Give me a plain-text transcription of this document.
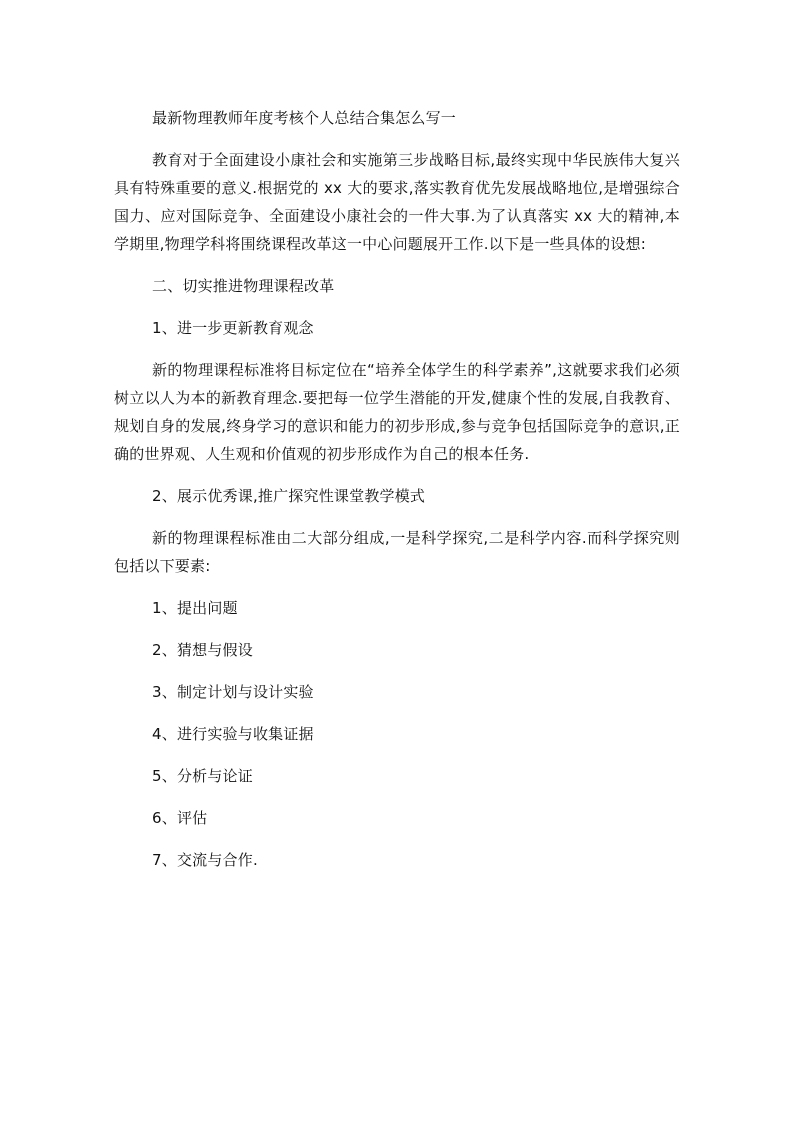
最新物理教师年度考核个人总结合集怎么写一

教育对于全面建设小康社会和实施第三步战略目标,最终实现中华民族伟大复兴具有特殊重要的意义.根据党的 xx 大的要求,落实教育优先发展战略地位,是增强综合国力、应对国际竞争、全面建设小康社会的一件大事.为了认真落实 xx 大的精神,本学期里,物理学科将围绕课程改革这一中心问题展开工作.以下是一些具体的设想:

二、切实推进物理课程改革

1、进一步更新教育观念

新的物理课程标准将目标定位在“培养全体学生的科学素养”,这就要求我们必须树立以人为本的新教育理念.要把每一位学生潜能的开发,健康个性的发展,自我教育、规划自身的发展,终身学习的意识和能力的初步形成,参与竞争包括国际竞争的意识,正确的世界观、人生观和价值观的初步形成作为自己的根本任务.

2、展示优秀课,推广探究性课堂教学模式

新的物理课程标准由二大部分组成,一是科学探究,二是科学内容.而科学探究则包括以下要素:

1、提出问题
2、猜想与假设
3、制定计划与设计实验
4、进行实验与收集证据
5、分析与论证
6、评估
7、交流与合作.
